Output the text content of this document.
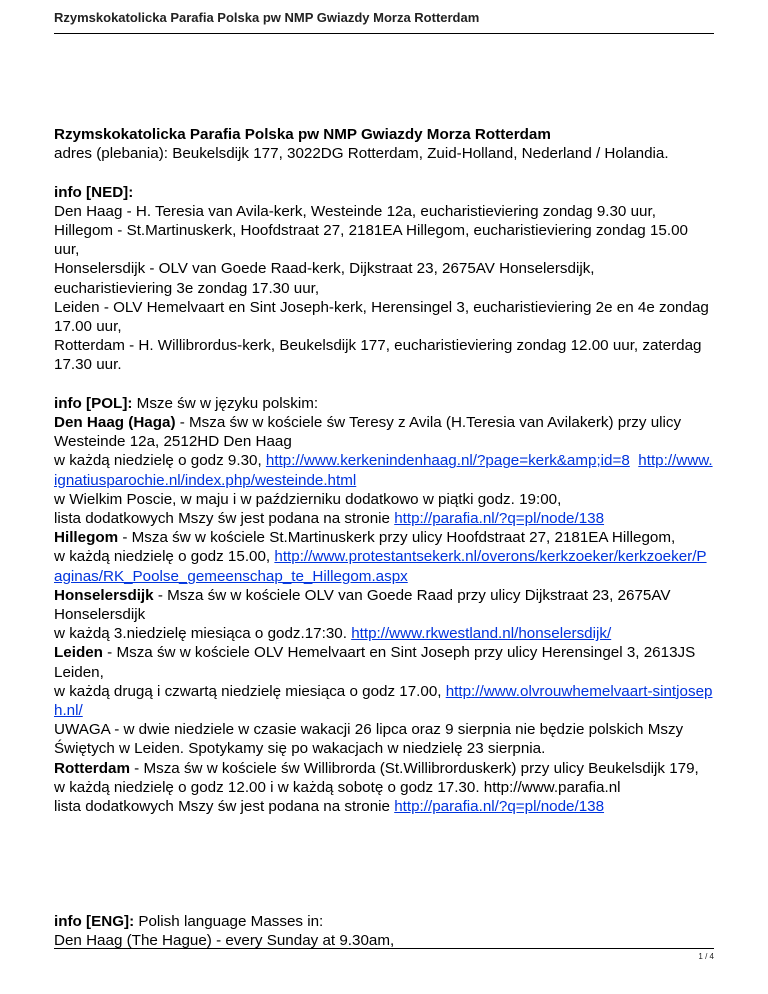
Rzymskokatolicka Parafia Polska pw NMP Gwiazdy Morza Rotterdam

Rzymskokatolicka Parafia Polska pw NMP Gwiazdy Morza Rotterdam
adres (plebania): Beukelsdijk 177, 3022DG Rotterdam, Zuid-Holland, Nederland / Holandia.

info [NED]:
Den Haag - H. Teresia van Avila-kerk, Westeinde 12a, eucharistieviering zondag 9.30 uur,
Hillegom - St.Martinuskerk, Hoofdstraat 27, 2181EA Hillegom, eucharistieviering zondag 15.00 uur,
Honselersdijk - OLV van Goede Raad-kerk, Dijkstraat 23, 2675AV Honselersdijk, eucharistieviering 3e zondag 17.30 uur,
Leiden - OLV Hemelvaart en Sint Joseph-kerk, Herensingel 3, eucharistieviering 2e en 4e zondag 17.00 uur,
Rotterdam - H. Willibrordus-kerk, Beukelsdijk 177, eucharistieviering zondag 12.00 uur, zaterdag 17.30 uur.

info [POL]: Msze św w języku polskim:
Den Haag (Haga) - Msza św w kościele św Teresy z Avila (H.Teresia van Avilakerk) przy ulicy Westeinde 12a, 2512HD Den Haag
w każdą niedzielę o godz 9.30, http://www.kerkenindenhaag.nl/?page=kerk&amp;id=8 http://www.ignatiusparochie.nl/index.php/westeinde.html
w Wielkim Poscie, w maju i w październiku dodatkowo w piątki godz. 19:00,
lista dodatkowych Mszy św jest podana na stronie http://parafia.nl/?q=pl/node/138
Hillegom - Msza św w kościele St.Martinuskerk przy ulicy Hoofdstraat 27, 2181EA Hillegom,
w każdą niedzielę o godz 15.00, http://www.protestantsekerk.nl/overons/kerkzoeker/kerkzoeker/Paginas/RK_Poolse_gemeenschap_te_Hillegom.aspx
Honselersdijk - Msza św w kościele OLV van Goede Raad przy ulicy Dijkstraat 23, 2675AV Honselersdijk
w każdą 3.niedzielę miesiąca o godz.17:30. http://www.rkwestland.nl/honselersdijk/
Leiden - Msza św w kościele OLV Hemelvaart en Sint Joseph przy ulicy Herensingel 3, 2613JS Leiden,
w każdą drugą i czwartą niedzielę miesiąca o godz 17.00, http://www.olvrouwhemelvaart-sintjoseph.nl/
UWAGA - w dwie niedziele w czasie wakacji 26 lipca oraz 9 sierpnia nie będzie polskich Mszy Świętych w Leiden. Spotykamy się po wakacjach w niedzielę 23 sierpnia.
Rotterdam - Msza św w kościele św Willibrorda (St.Willibrorduskerk) przy ulicy Beukelsdijk 179,
w każdą niedzielę o godz 12.00 i w każdą sobotę o godz 17.30. http://www.parafia.nl
lista dodatkowych Mszy św jest podana na stronie http://parafia.nl/?q=pl/node/138

info [ENG]: Polish language Masses in:
Den Haag (The Hague) - every Sunday at 9.30am,

1 / 4
